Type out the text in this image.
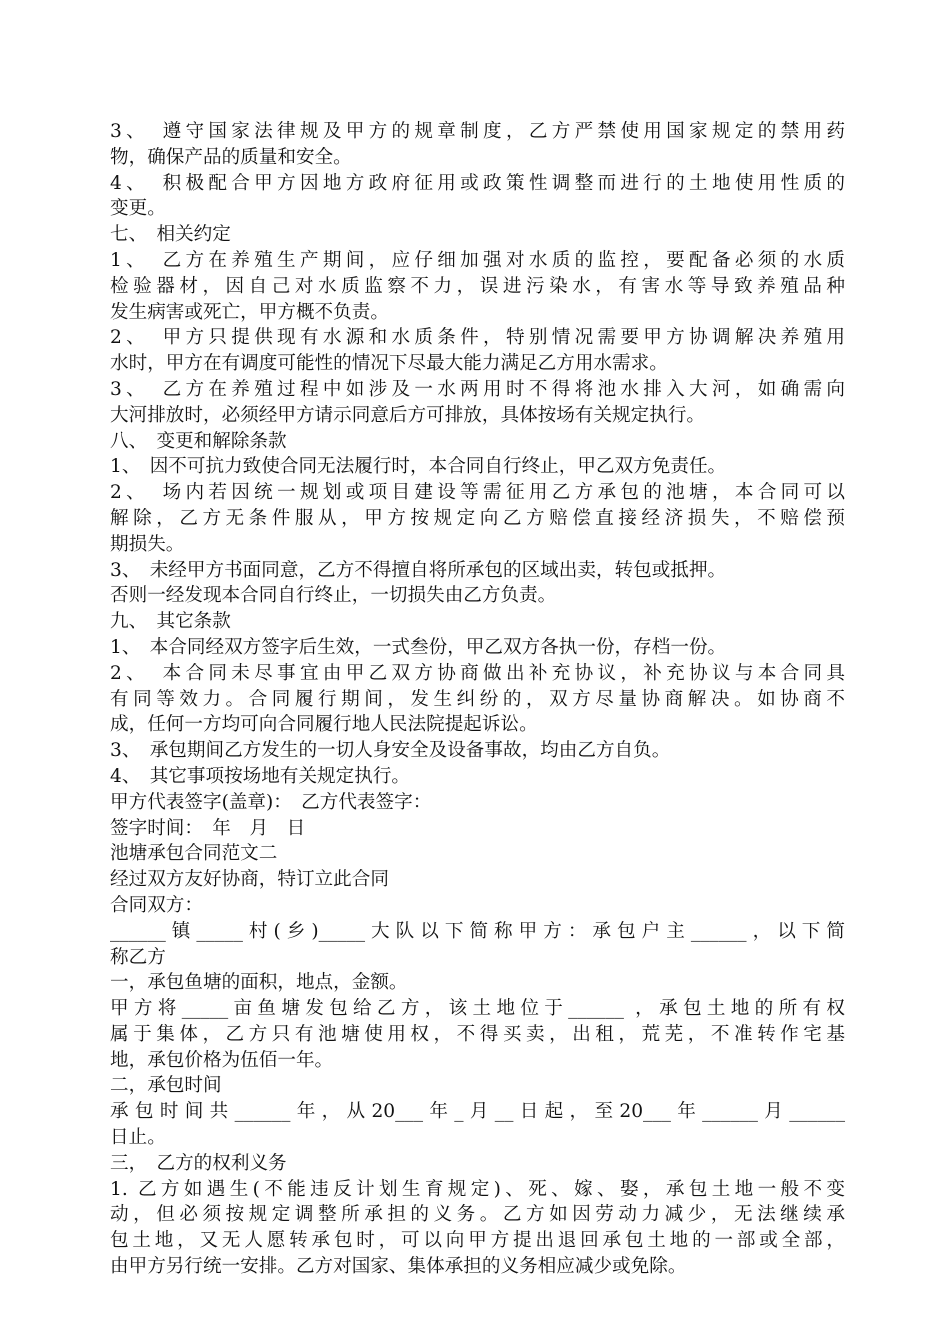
3、　遵守国家法律规及甲方的规章制度，乙方严禁使用国家规定的禁用药
物，确保产品的质量和安全。
4、　积极配合甲方因地方政府征用或政策性调整而进行的土地使用性质的
变更。
七、　相关约定
1、　乙方在养殖生产期间，应仔细加强对水质的监控，要配备必须的水质
检验器材，因自己对水质监察不力，误进污染水，有害水等导致养殖品种
发生病害或死亡，甲方概不负责。
2、　甲方只提供现有水源和水质条件，特别情况需要甲方协调解决养殖用
水时，甲方在有调度可能性的情况下尽最大能力满足乙方用水需求。
3、　乙方在养殖过程中如涉及一水两用时不得将池水排入大河，如确需向
大河排放时，必须经甲方请示同意后方可排放，具体按场有关规定执行。
八、　变更和解除条款
1、　因不可抗力致使合同无法履行时，本合同自行终止，甲乙双方免责任。
2、　场内若因统一规划或项目建设等需征用乙方承包的池塘，本合同可以
解除，乙方无条件服从，甲方按规定向乙方赔偿直接经济损失，不赔偿预
期损失。
3、　未经甲方书面同意，乙方不得擅自将所承包的区域出卖，转包或抵押。
否则一经发现本合同自行终止，一切损失由乙方负责。
九、　其它条款
1、　本合同经双方签字后生效，一式叁份，甲乙双方各执一份，存档一份。
2、　本合同未尽事宜由甲乙双方协商做出补充协议，补充协议与本合同具
有同等效力。合同履行期间，发生纠纷的，双方尽量协商解决。如协商不
成，任何一方均可向合同履行地人民法院提起诉讼。
3、　承包期间乙方发生的一切人身安全及设备事故，均由乙方自负。
4、　其它事项按场地有关规定执行。
甲方代表签字(盖章)：　乙方代表签字：
签字时间：　年　月　日
池塘承包合同范文二
经过双方友好协商，特订立此合同
合同双方：
______镇_____村(乡)_____大队以下简称甲方：承包户主______，以下简
称乙方
一，承包鱼塘的面积，地点，金额。
甲方将_____亩鱼塘发包给乙方，该土地位于______ ，承包土地的所有权
属于集体，乙方只有池塘使用权，不得买卖，出租，荒芜，不准转作宅基
地，承包价格为伍佰一年。
二，承包时间
承包时间共______年，从20___年_月__日起，至20___年______月______
日止。
三，　乙方的权利义务
1. 乙方如遇生(不能违反计划生育规定)、死、嫁、娶，承包土地一般不变
动，但必须按规定调整所承担的义务。乙方如因劳动力减少，无法继续承
包土地，又无人愿转承包时，可以向甲方提出退回承包土地的一部或全部，
由甲方另行统一安排。乙方对国家、集体承担的义务相应减少或免除。
